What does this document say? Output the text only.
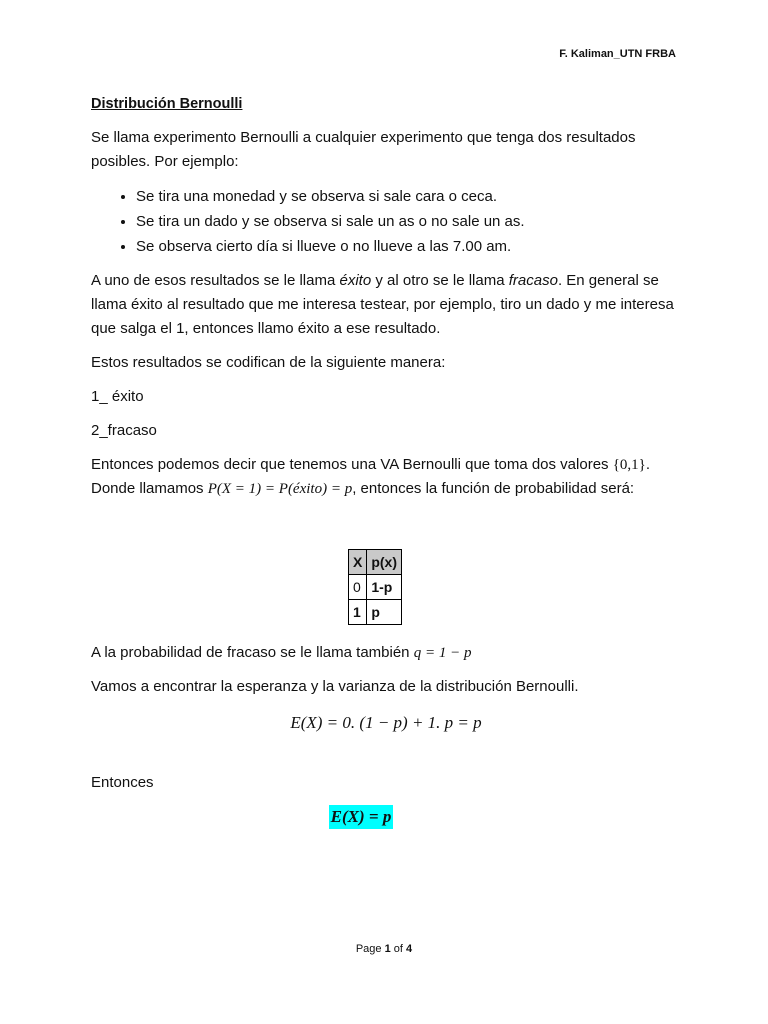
F. Kaliman_UTN FRBA
Distribución Bernoulli

Se llama experimento Bernoulli a cualquier experimento que tenga dos resultados posibles. Por ejemplo:

• Se tira una monedad y se observa si sale cara o ceca.
• Se tira un dado y se observa si sale un as o no sale un as.
• Se observa cierto día si llueve o no llueve a las 7.00 am.

A uno de esos resultados se le llama éxito y al otro se le llama fracaso. En general se llama éxito al resultado que me interesa testear, por ejemplo, tiro un dado y me interesa que salga el 1, entonces llamo éxito a ese resultado.

Estos resultados se codifican de la siguiente manera:

1_ éxito

2_fracaso

Entonces podemos decir que tenemos una VA Bernoulli que toma dos valores {0,1}. Donde llamamos P(X = 1) = P(éxito) = p, entonces la función de probabilidad será:

X	p(x)
0	1-p
1	p

A la probabilidad de fracaso se le llama también q = 1 − p

Vamos a encontrar la esperanza y la varianza de la distribución Bernoulli.

E(X) = 0. (1 − p) + 1. p = p

Entonces

E(X) = p
Page 1 of 4
